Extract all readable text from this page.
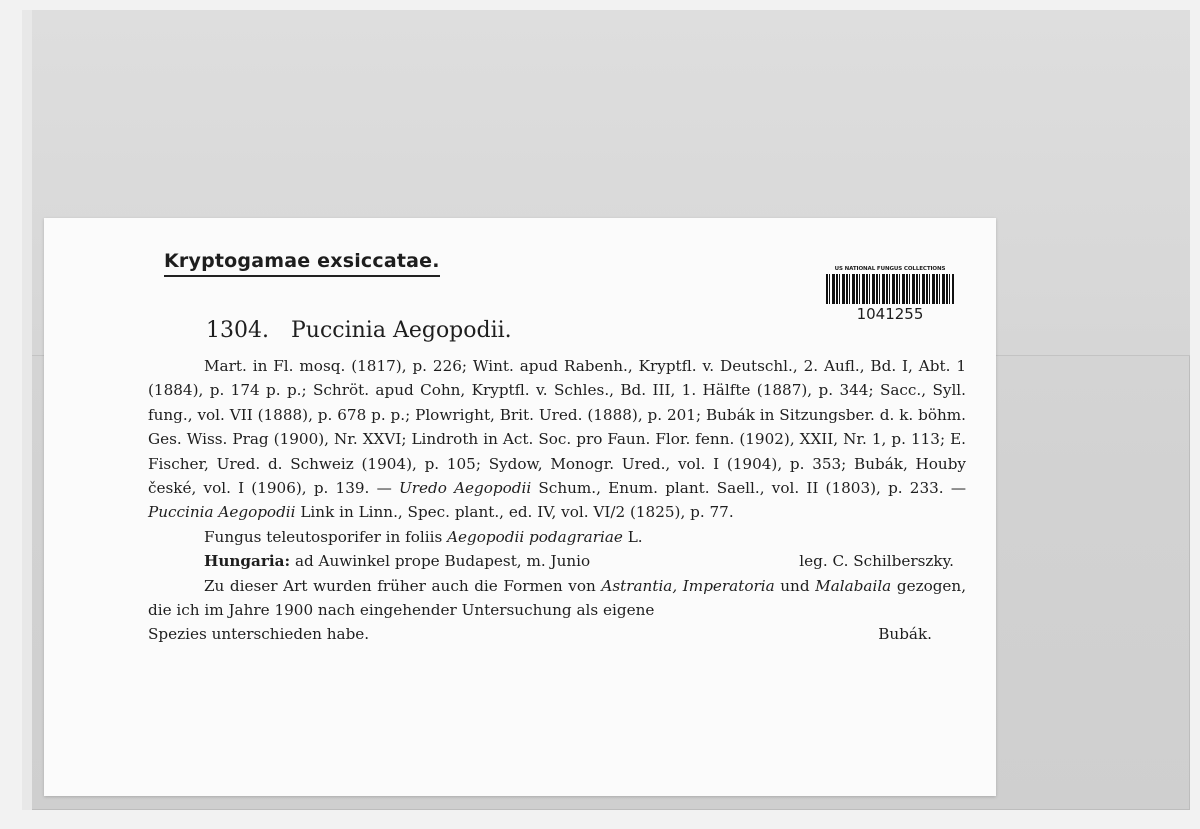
Kryptogamae exsiccatae.	US NATIONAL FUNGUS COLLECTIONS
1041255
1304. Puccinia Aegopodii.

Mart. in Fl. mosq. (1817), p. 226; Wint. apud Rabenh., Kryptfl. v. Deutschl., 2. Aufl., Bd. I, Abt. 1 (1884), p. 174 p. p.; Schröt. apud Cohn, Kryptfl. v. Schles., Bd. III, 1. Hälfte (1887), p. 344; Sacc., Syll. fung., vol. VII (1888), p. 678 p. p.; Plowright, Brit. Ured. (1888), p. 201; Bubák in Sitzungsber. d. k. böhm. Ges. Wiss. Prag (1900), Nr. XXVI; Lindroth in Act. Soc. pro Faun. Flor. fenn. (1902), XXII, Nr. 1, p. 113; E. Fischer, Ured. d. Schweiz (1904), p. 105; Sydow, Monogr. Ured., vol. I (1904), p. 353; Bubák, Houby české, vol. I (1906), p. 139. — Uredo Aegopodii Schum., Enum. plant. Saell., vol. II (1803), p. 233. — Puccinia Aegopodii Link in Linn., Spec. plant., ed. IV, vol. VI/2 (1825), p. 77.

Fungus teleutosporifer in foliis Aegopodii podagrariae L.

Hungaria: ad Auwinkel prope Budapest, m. Junio	leg. C. Schilberszky.

Zu dieser Art wurden früher auch die Formen von Astrantia, Imperatoria und Malabaila gezogen, die ich im Jahre 1900 nach eingehender Untersuchung als eigene

Spezies unterschieden habe.	Bubák.
